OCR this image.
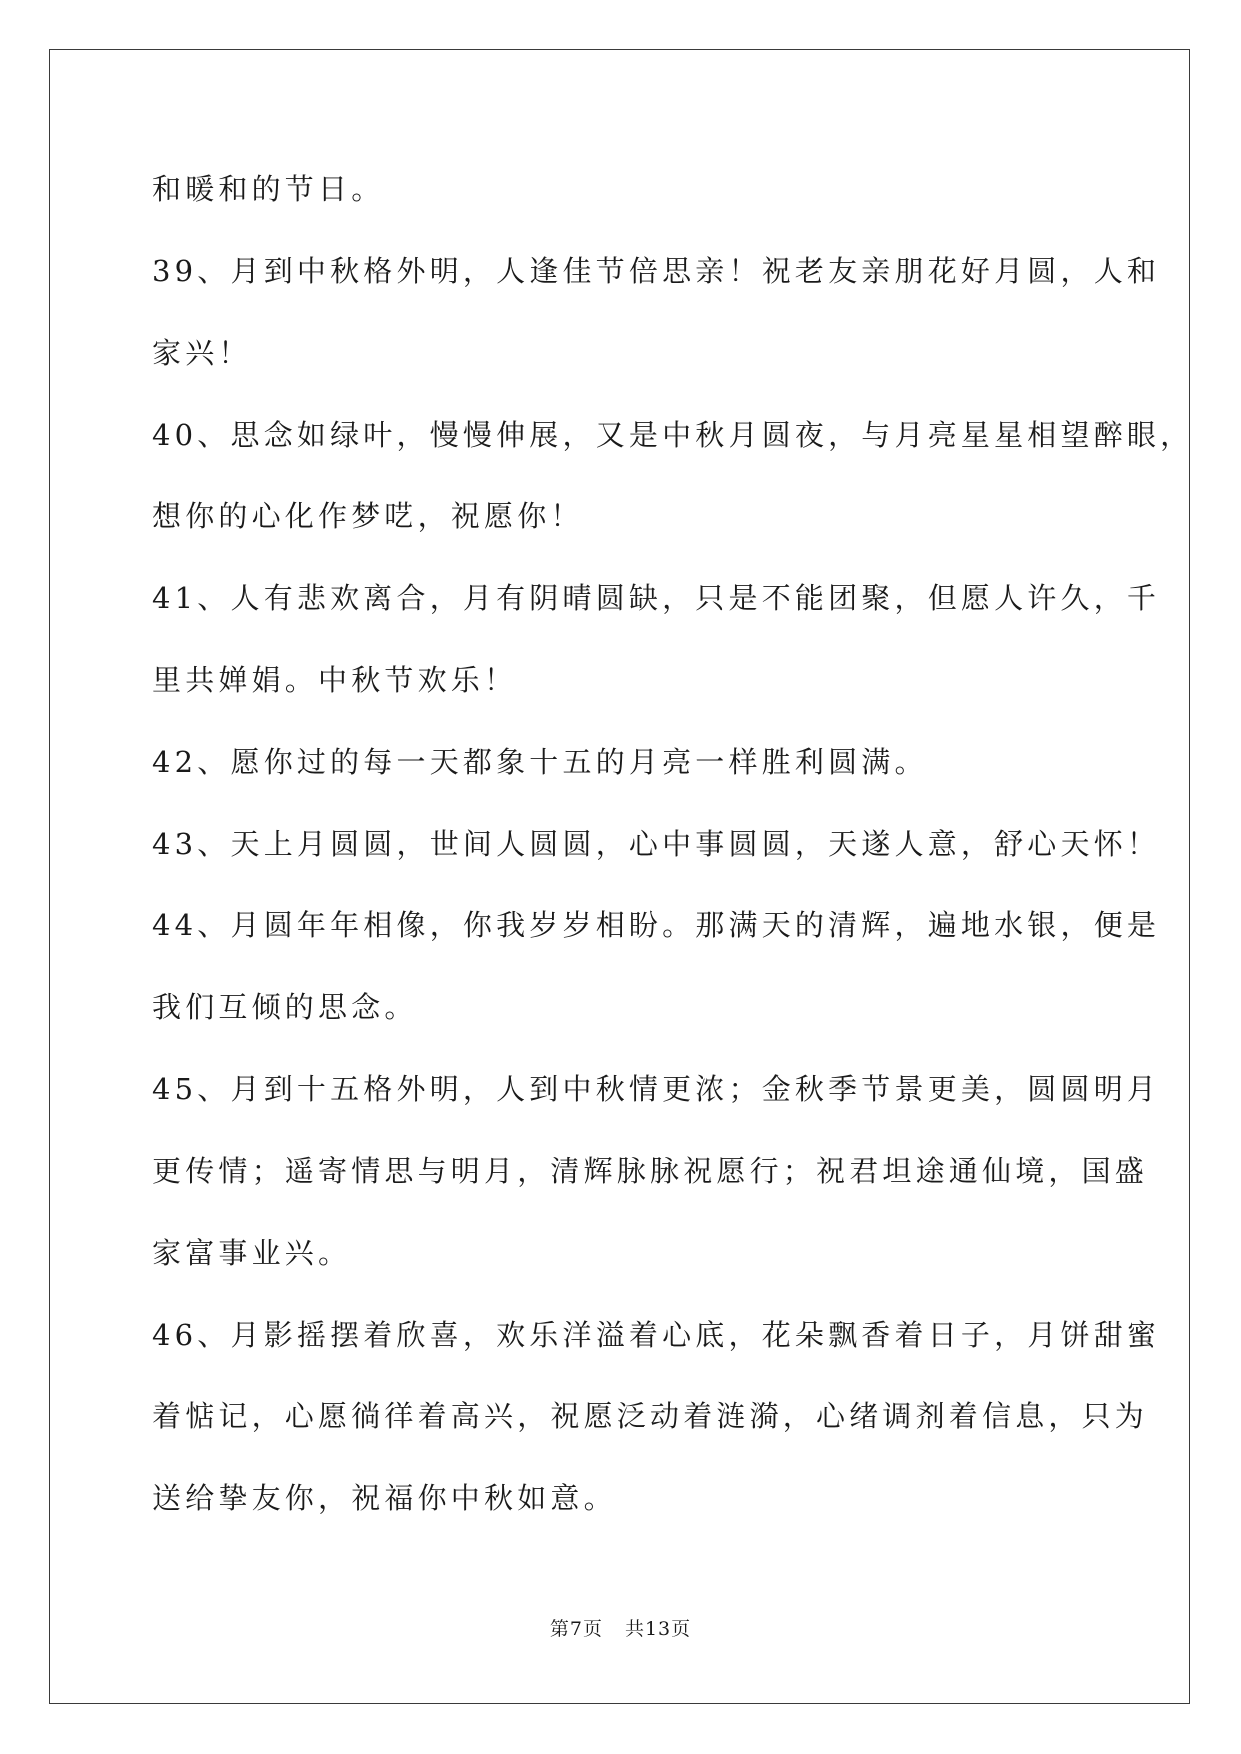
和暖和的节日。
39、月到中秋格外明，人逢佳节倍思亲！祝老友亲朋花好月圆，人和
家兴！
40、思念如绿叶，慢慢伸展，又是中秋月圆夜，与月亮星星相望醉眼，
想你的心化作梦呓，祝愿你！
41、人有悲欢离合，月有阴晴圆缺，只是不能团聚，但愿人许久，千
里共婵娟。中秋节欢乐！
42、愿你过的每一天都象十五的月亮一样胜利圆满。
43、天上月圆圆，世间人圆圆，心中事圆圆，天遂人意，舒心天怀！
44、月圆年年相像，你我岁岁相盼。那满天的清辉，遍地水银，便是
我们互倾的思念。
45、月到十五格外明，人到中秋情更浓；金秋季节景更美，圆圆明月
更传情；遥寄情思与明月，清辉脉脉祝愿行；祝君坦途通仙境，国盛
家富事业兴。
46、月影摇摆着欣喜，欢乐洋溢着心底，花朵飘香着日子，月饼甜蜜
着惦记，心愿徜徉着高兴，祝愿泛动着涟漪，心绪调剂着信息，只为
送给挚友你，祝福你中秋如意。
第7页 共13页
